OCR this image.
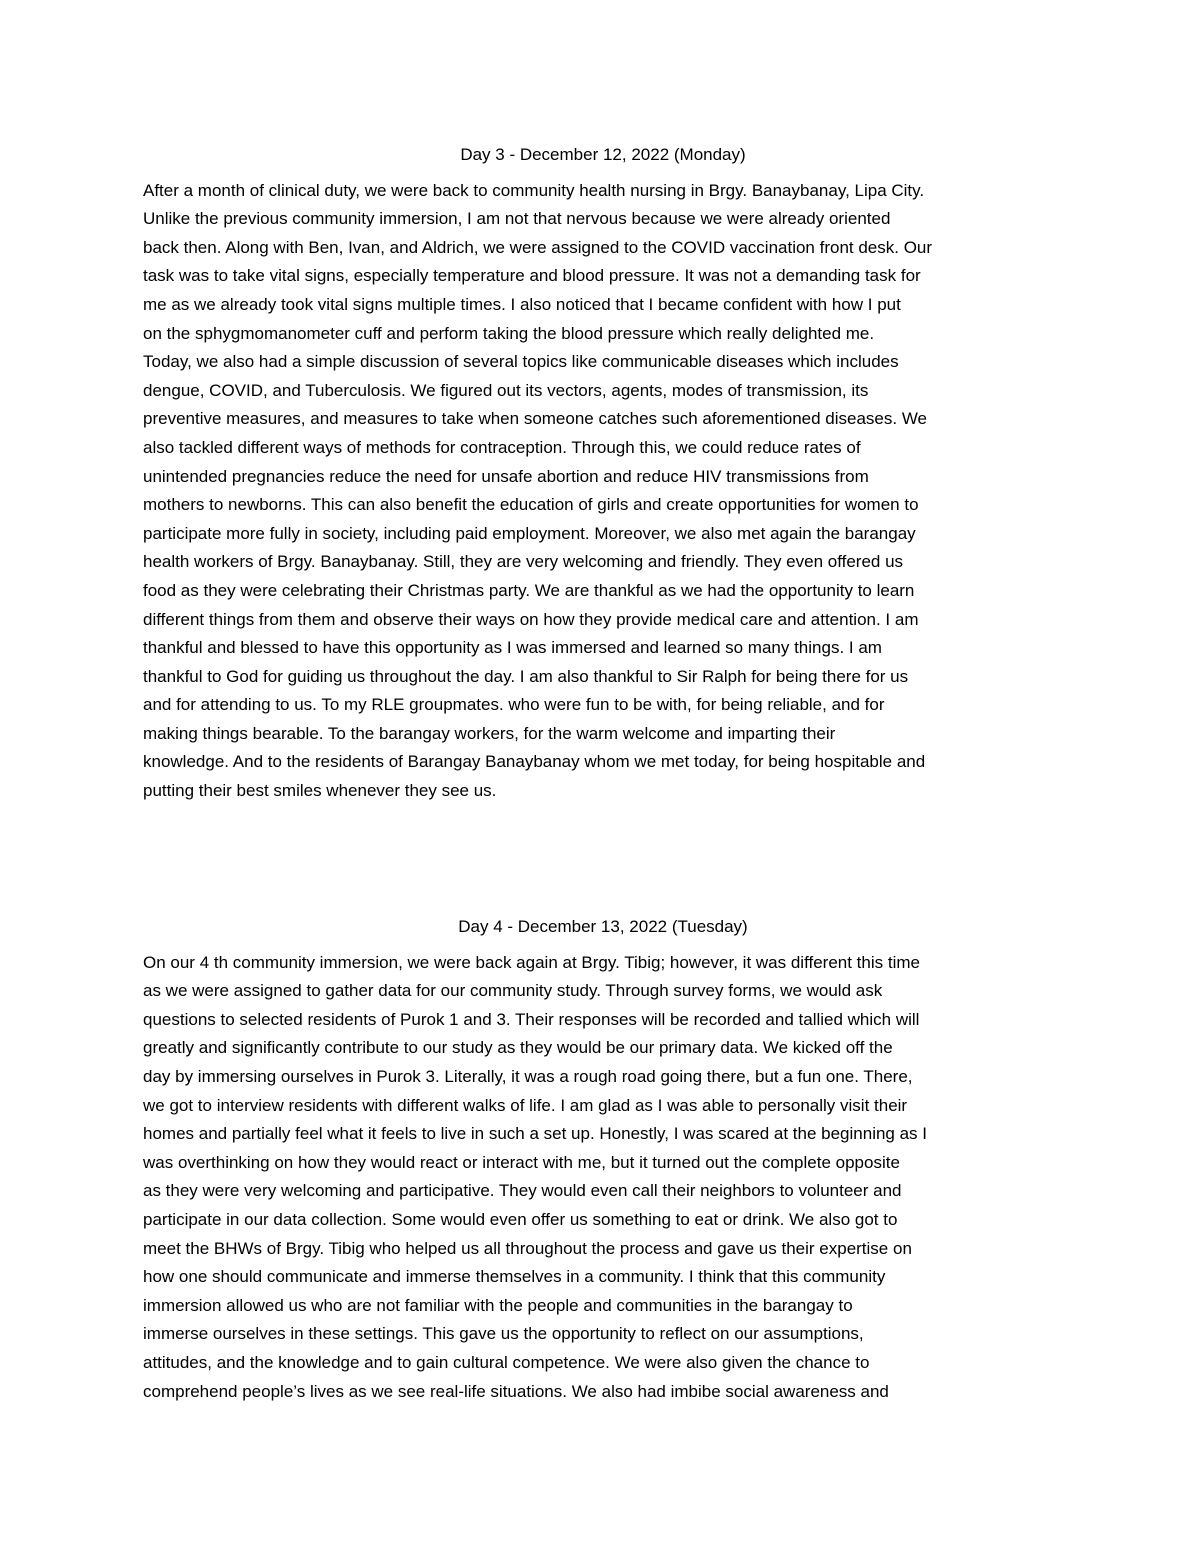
Day 3 - December 12, 2022 (Monday)
After a month of clinical duty, we were back to community health nursing in Brgy. Banaybanay, Lipa City.
Unlike the previous community immersion, I am not that nervous because we were already oriented
back then. Along with Ben, Ivan, and Aldrich, we were assigned to the COVID vaccination front desk. Our
task was to take vital signs, especially temperature and blood pressure. It was not a demanding task for
me as we already took vital signs multiple times. I also noticed that I became confident with how I put
on the sphygmomanometer cuff and perform taking the blood pressure which really delighted me.
Today, we also had a simple discussion of several topics like communicable diseases which includes
dengue, COVID, and Tuberculosis. We figured out its vectors, agents, modes of transmission, its
preventive measures, and measures to take when someone catches such aforementioned diseases. We
also tackled different ways of methods for contraception. Through this, we could reduce rates of
unintended pregnancies reduce the need for unsafe abortion and reduce HIV transmissions from
mothers to newborns. This can also benefit the education of girls and create opportunities for women to
participate more fully in society, including paid employment. Moreover, we also met again the barangay
health workers of Brgy. Banaybanay. Still, they are very welcoming and friendly. They even offered us
food as they were celebrating their Christmas party. We are thankful as we had the opportunity to learn
different things from them and observe their ways on how they provide medical care and attention. I am
thankful and blessed to have this opportunity as I was immersed and learned so many things. I am
thankful to God for guiding us throughout the day. I am also thankful to Sir Ralph for being there for us
and for attending to us. To my RLE groupmates. who were fun to be with, for being reliable, and for
making things bearable. To the barangay workers, for the warm welcome and imparting their
knowledge. And to the residents of Barangay Banaybanay whom we met today, for being hospitable and
putting their best smiles whenever they see us.
Day 4 - December 13, 2022 (Tuesday)
On our 4 th community immersion, we were back again at Brgy. Tibig; however, it was different this time
as we were assigned to gather data for our community study. Through survey forms, we would ask
questions to selected residents of Purok 1 and 3. Their responses will be recorded and tallied which will
greatly and significantly contribute to our study as they would be our primary data. We kicked off the
day by immersing ourselves in Purok 3. Literally, it was a rough road going there, but a fun one. There,
we got to interview residents with different walks of life. I am glad as I was able to personally visit their
homes and partially feel what it feels to live in such a set up. Honestly, I was scared at the beginning as I
was overthinking on how they would react or interact with me, but it turned out the complete opposite
as they were very welcoming and participative. They would even call their neighbors to volunteer and
participate in our data collection. Some would even offer us something to eat or drink. We also got to
meet the BHWs of Brgy. Tibig who helped us all throughout the process and gave us their expertise on
how one should communicate and immerse themselves in a community. I think that this community
immersion allowed us who are not familiar with the people and communities in the barangay to
immerse ourselves in these settings. This gave us the opportunity to reflect on our assumptions,
attitudes, and the knowledge and to gain cultural competence. We were also given the chance to
comprehend people’s lives as we see real-life situations. We also had imbibe social awareness and
